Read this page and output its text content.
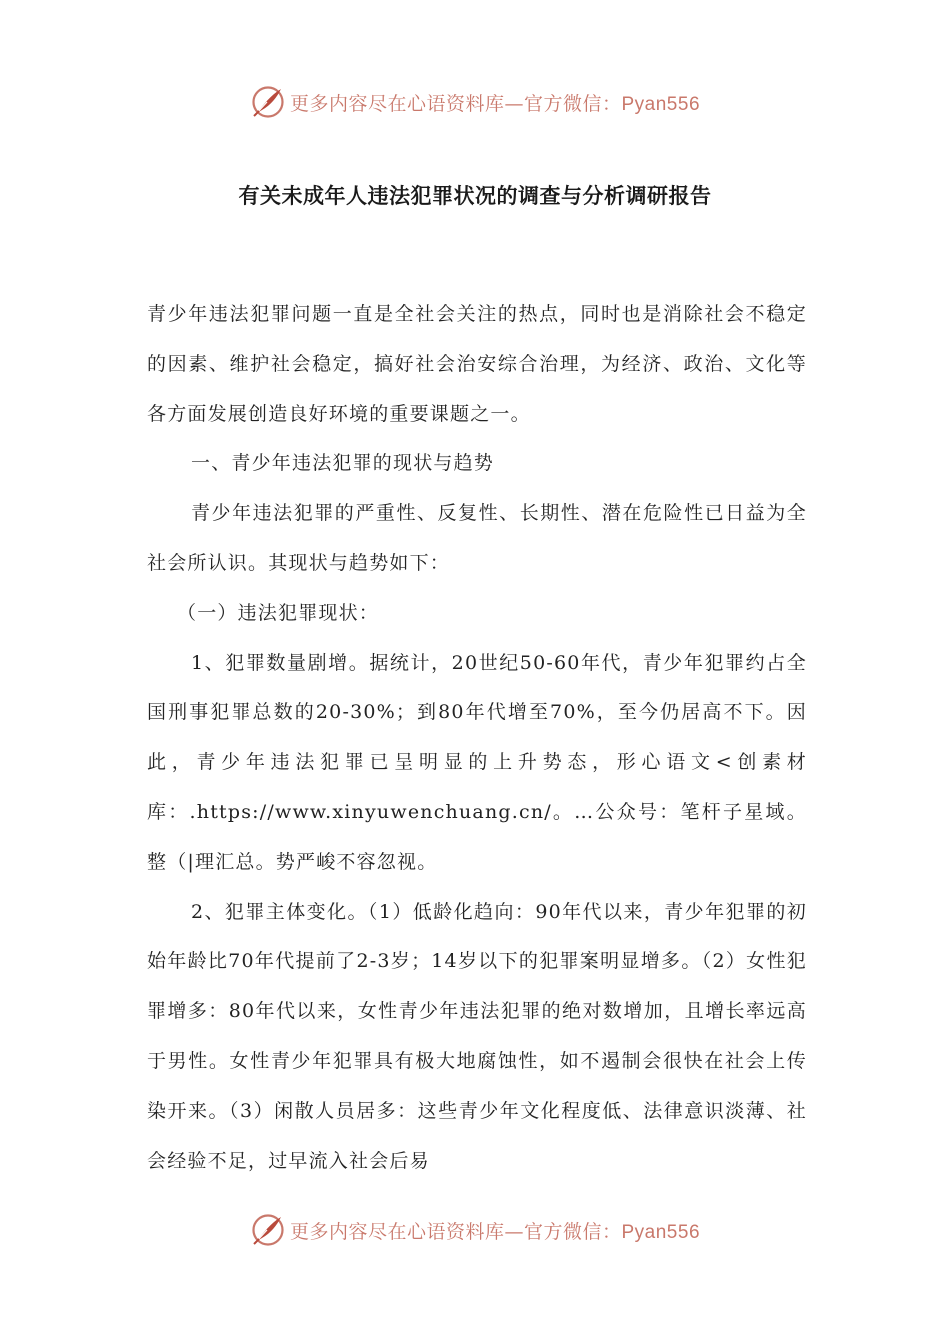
更多内容尽在心语资料库—官方微信：Pyan556
有关未成年人违法犯罪状况的调查与分析调研报告

青少年违法犯罪问题一直是全社会关注的热点，同时也是消除社会不稳定的因素、维护社会稳定，搞好社会治安综合治理，为经济、政治、文化等各方面发展创造良好环境的重要课题之一。

一、青少年违法犯罪的现状与趋势

青少年违法犯罪的严重性、反复性、长期性、潜在危险性已日益为全社会所认识。其现状与趋势如下：

（一）违法犯罪现状：

1、犯罪数量剧增。据统计，20世纪50-60年代，青少年犯罪约占全国刑事犯罪总数的20-30%；到80年代增至70%，至今仍居高不下。因此，青少年违法犯罪已呈明显的上升势态，形心语文<创素材库：.https://www.xinyuwenchuang.cn/。…公众号：笔杆子星域。整（|理汇总。势严峻不容忽视。

2、犯罪主体变化。（1）低龄化趋向：90年代以来，青少年犯罪的初始年龄比70年代提前了2-3岁；14岁以下的犯罪案明显增多。（2）女性犯罪增多：80年代以来，女性青少年违法犯罪的绝对数增加，且增长率远高于男性。女性青少年犯罪具有极大地腐蚀性，如不遏制会很快在社会上传染开来。（3）闲散人员居多：这些青少年文化程度低、法律意识淡薄、社会经验不足，过早流入社会后易

更多内容尽在心语资料库—官方微信：Pyan556
